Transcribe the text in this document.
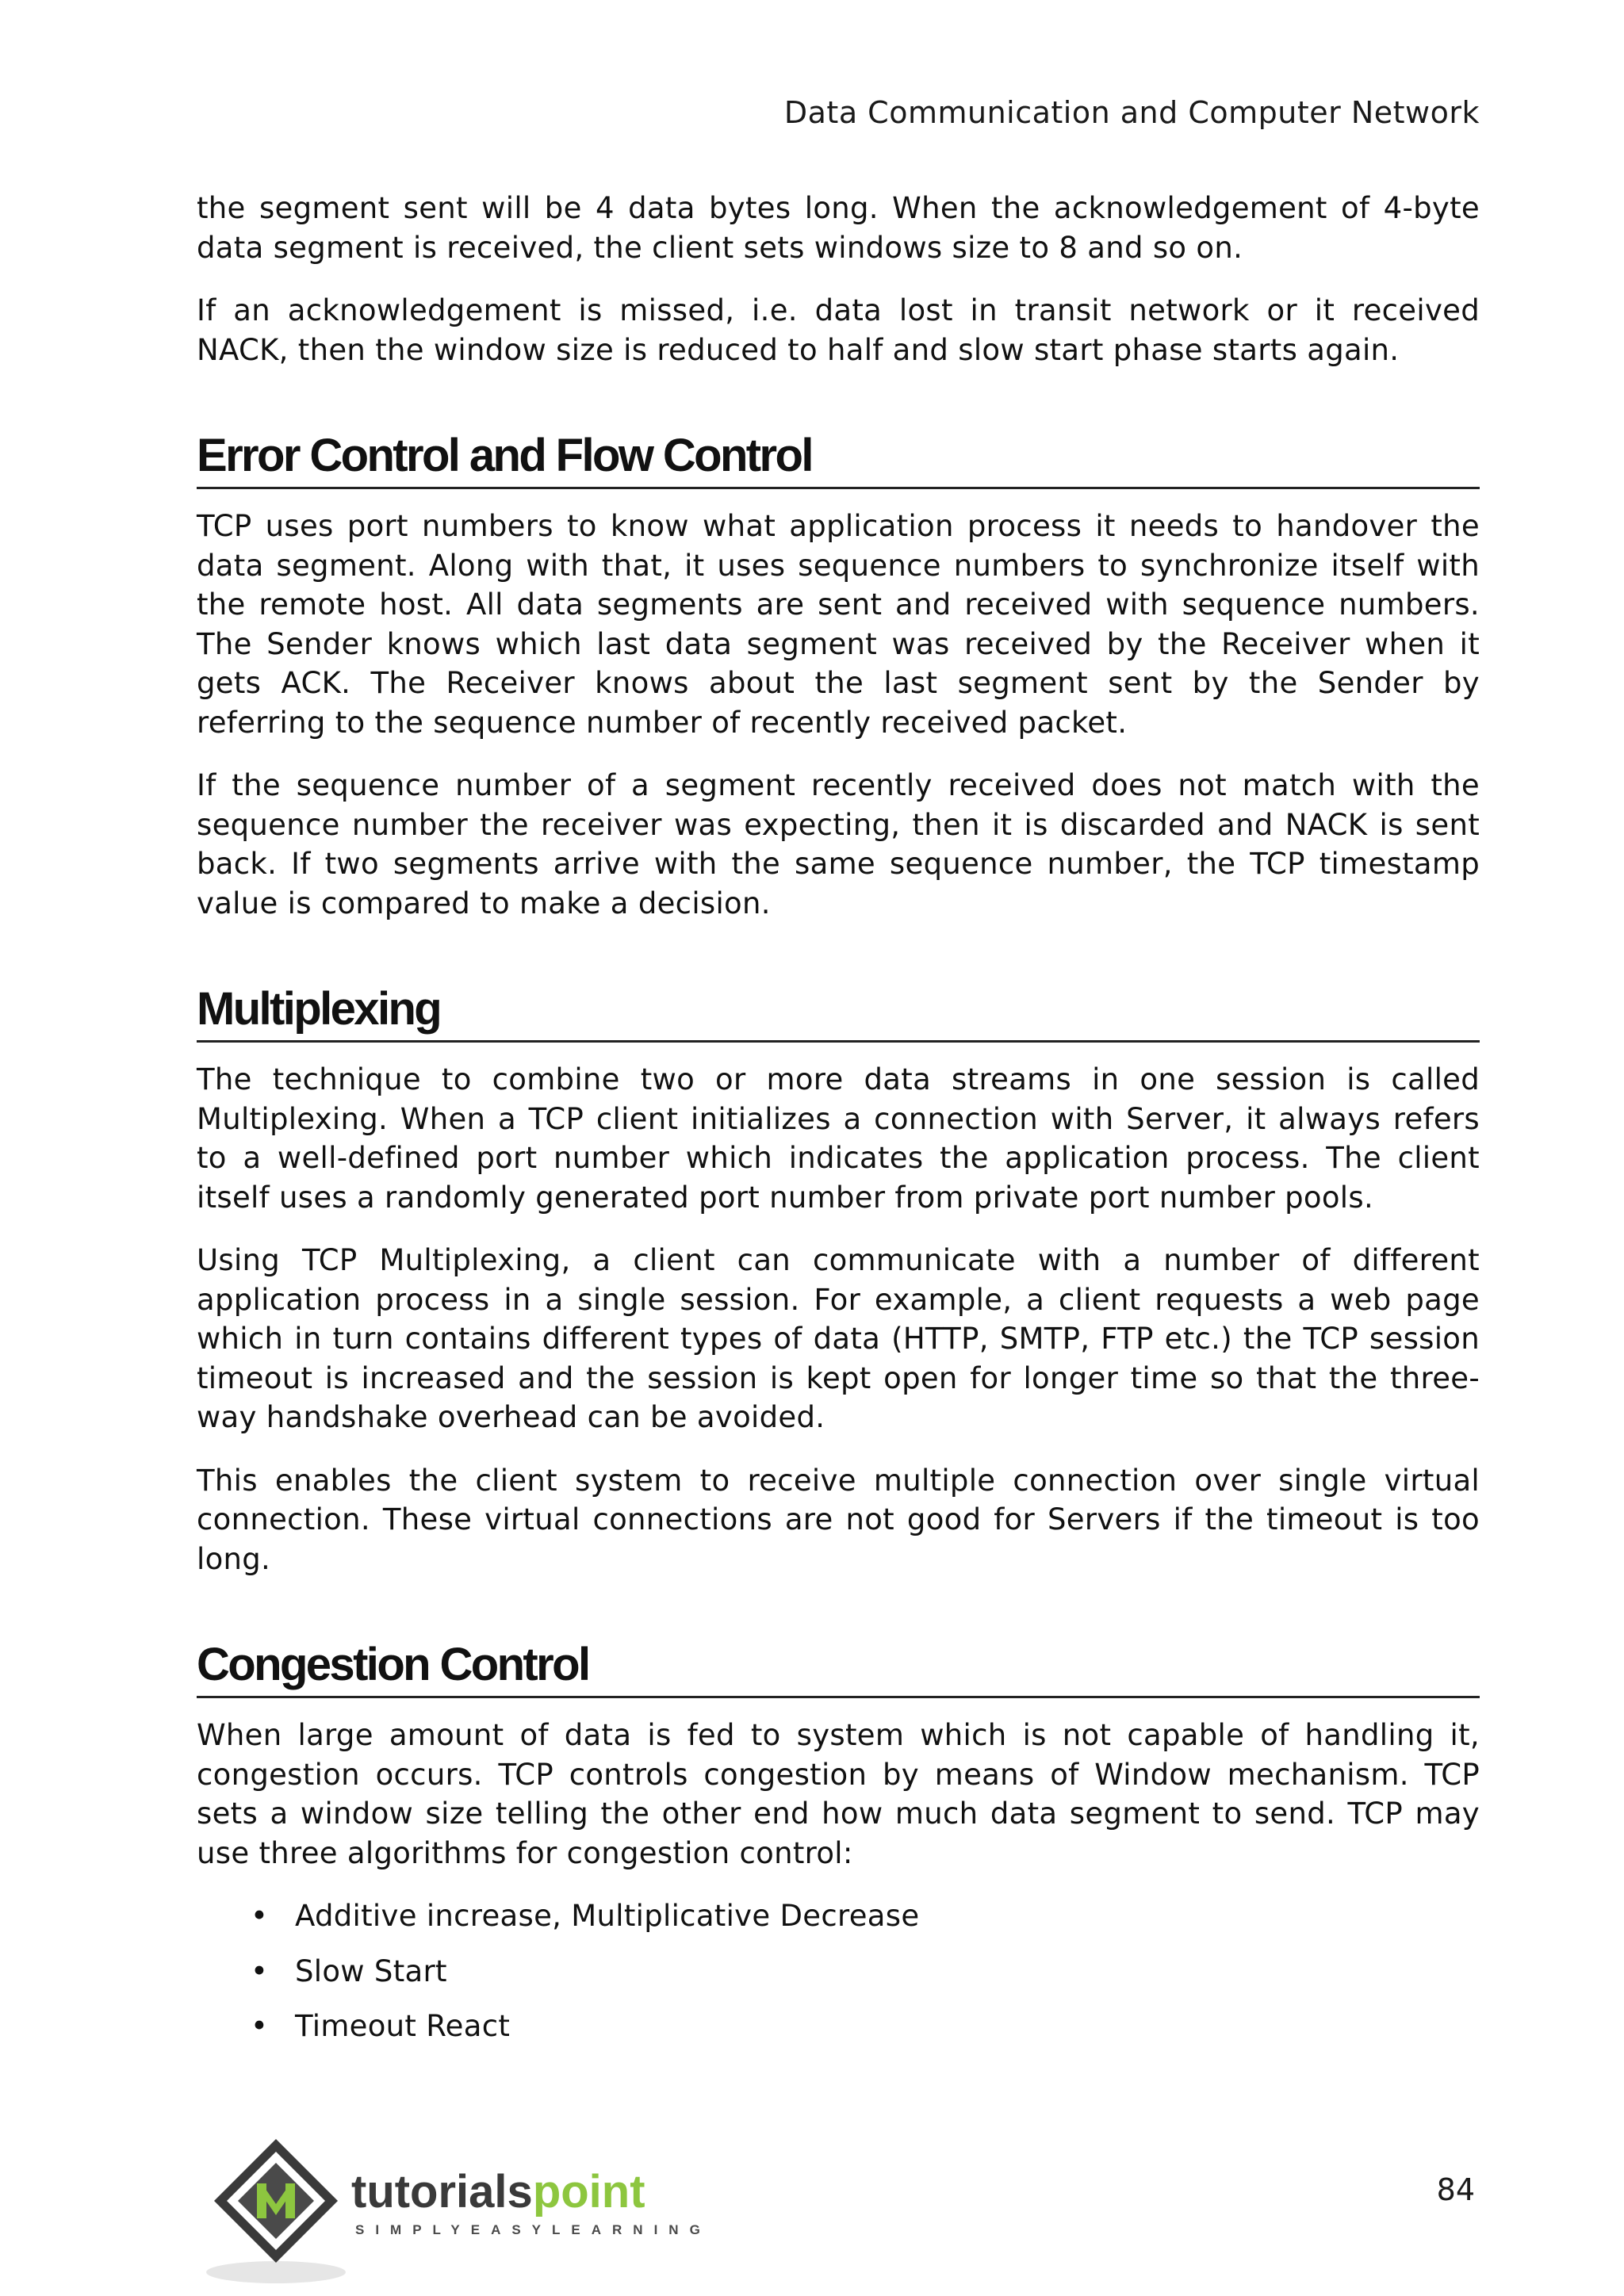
Data Communication and Computer Network

the segment sent will be 4 data bytes long. When the acknowledgement of 4-byte data segment is received, the client sets windows size to 8 and so on.

If an acknowledgement is missed, i.e. data lost in transit network or it received NACK, then the window size is reduced to half and slow start phase starts again.

Error Control and Flow Control

TCP uses port numbers to know what application process it needs to handover the data segment. Along with that, it uses sequence numbers to synchronize itself with the remote host. All data segments are sent and received with sequence numbers. The Sender knows which last data segment was received by the Receiver when it gets ACK. The Receiver knows about the last segment sent by the Sender by referring to the sequence number of recently received packet.

If the sequence number of a segment recently received does not match with the sequence number the receiver was expecting, then it is discarded and NACK is sent back. If two segments arrive with the same sequence number, the TCP timestamp value is compared to make a decision.

Multiplexing

The technique to combine two or more data streams in one session is called Multiplexing. When a TCP client initializes a connection with Server, it always refers to a well-defined port number which indicates the application process. The client itself uses a randomly generated port number from private port number pools.

Using TCP Multiplexing, a client can communicate with a number of different application process in a single session. For example, a client requests a web page which in turn contains different types of data (HTTP, SMTP, FTP etc.) the TCP session timeout is increased and the session is kept open for longer time so that the three-way handshake overhead can be avoided.

This enables the client system to receive multiple connection over single virtual connection. These virtual connections are not good for Servers if the timeout is too long.

Congestion Control

When large amount of data is fed to system which is not capable of handling it, congestion occurs. TCP controls congestion by means of Window mechanism. TCP sets a window size telling the other end how much data segment to send. TCP may use three algorithms for congestion control:

• Additive increase, Multiplicative Decrease
• Slow Start
• Timeout React
tutorialspoint
SIMPLYEASYLEARNING
84
